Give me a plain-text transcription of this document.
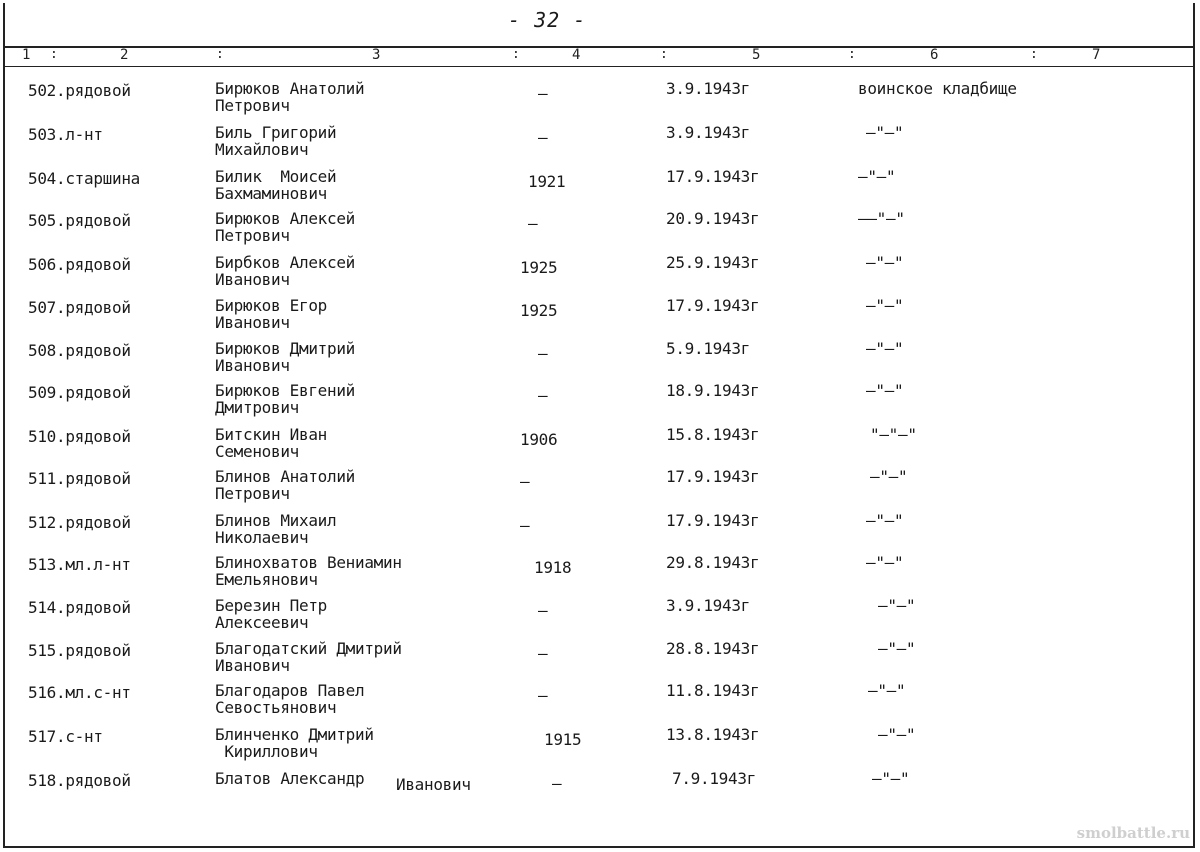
- 32 -
1	2	3	4	5	6	7
:	:	:	:	:	:
502.рядовой	Бирюков Анатолий
Петрович
–	3.9.1943г	воинское кладбище
503.л-нт	Биль Григорий
Михайлович
–	3.9.1943г	–"–"
504.старшина	Билик  Моисей
Бахмаминович
1921	17.9.1943г	–"–"
505.рядовой	Бирюков Алексей
Петрович
–	20.9.1943г	––"–"
506.рядовой	Бирбков Алексей
Иванович
1925	25.9.1943г	–"–"
507.рядовой	Бирюков Егор
Иванович
1925	17.9.1943г	–"–"
508.рядовой	Бирюков Дмитрий
Иванович
–	5.9.1943г	–"–"
509.рядовой	Бирюков Евгений
Дмитрович
–	18.9.1943г	–"–"
510.рядовой	Битскин Иван
Семенович
1906	15.8.1943г	"–"–"
511.рядовой	Блинов Анатолий
Петрович
–	17.9.1943г	–"–"
512.рядовой	Блинов Михаил
Николаевич
–	17.9.1943г	–"–"
513.мл.л-нт	Блинохватов Вениамин
Емельянович
1918	29.8.1943г	–"–"
514.рядовой	Березин Петр
Алексеевич
–	3.9.1943г	–"–"
515.рядовой	Благодатский Дмитрий
Иванович
–	28.8.1943г	–"–"
516.мл.с-нт	Благодаров Павел
Севостьянович
–	11.8.1943г	–"–"
517.с-нт	Блинченко Дмитрий
Кириллович
1915	13.8.1943г	–"–"
518.рядовой	Блатов Александр Иванович	–	7.9.1943г	–"–"
smolbattle.ru
